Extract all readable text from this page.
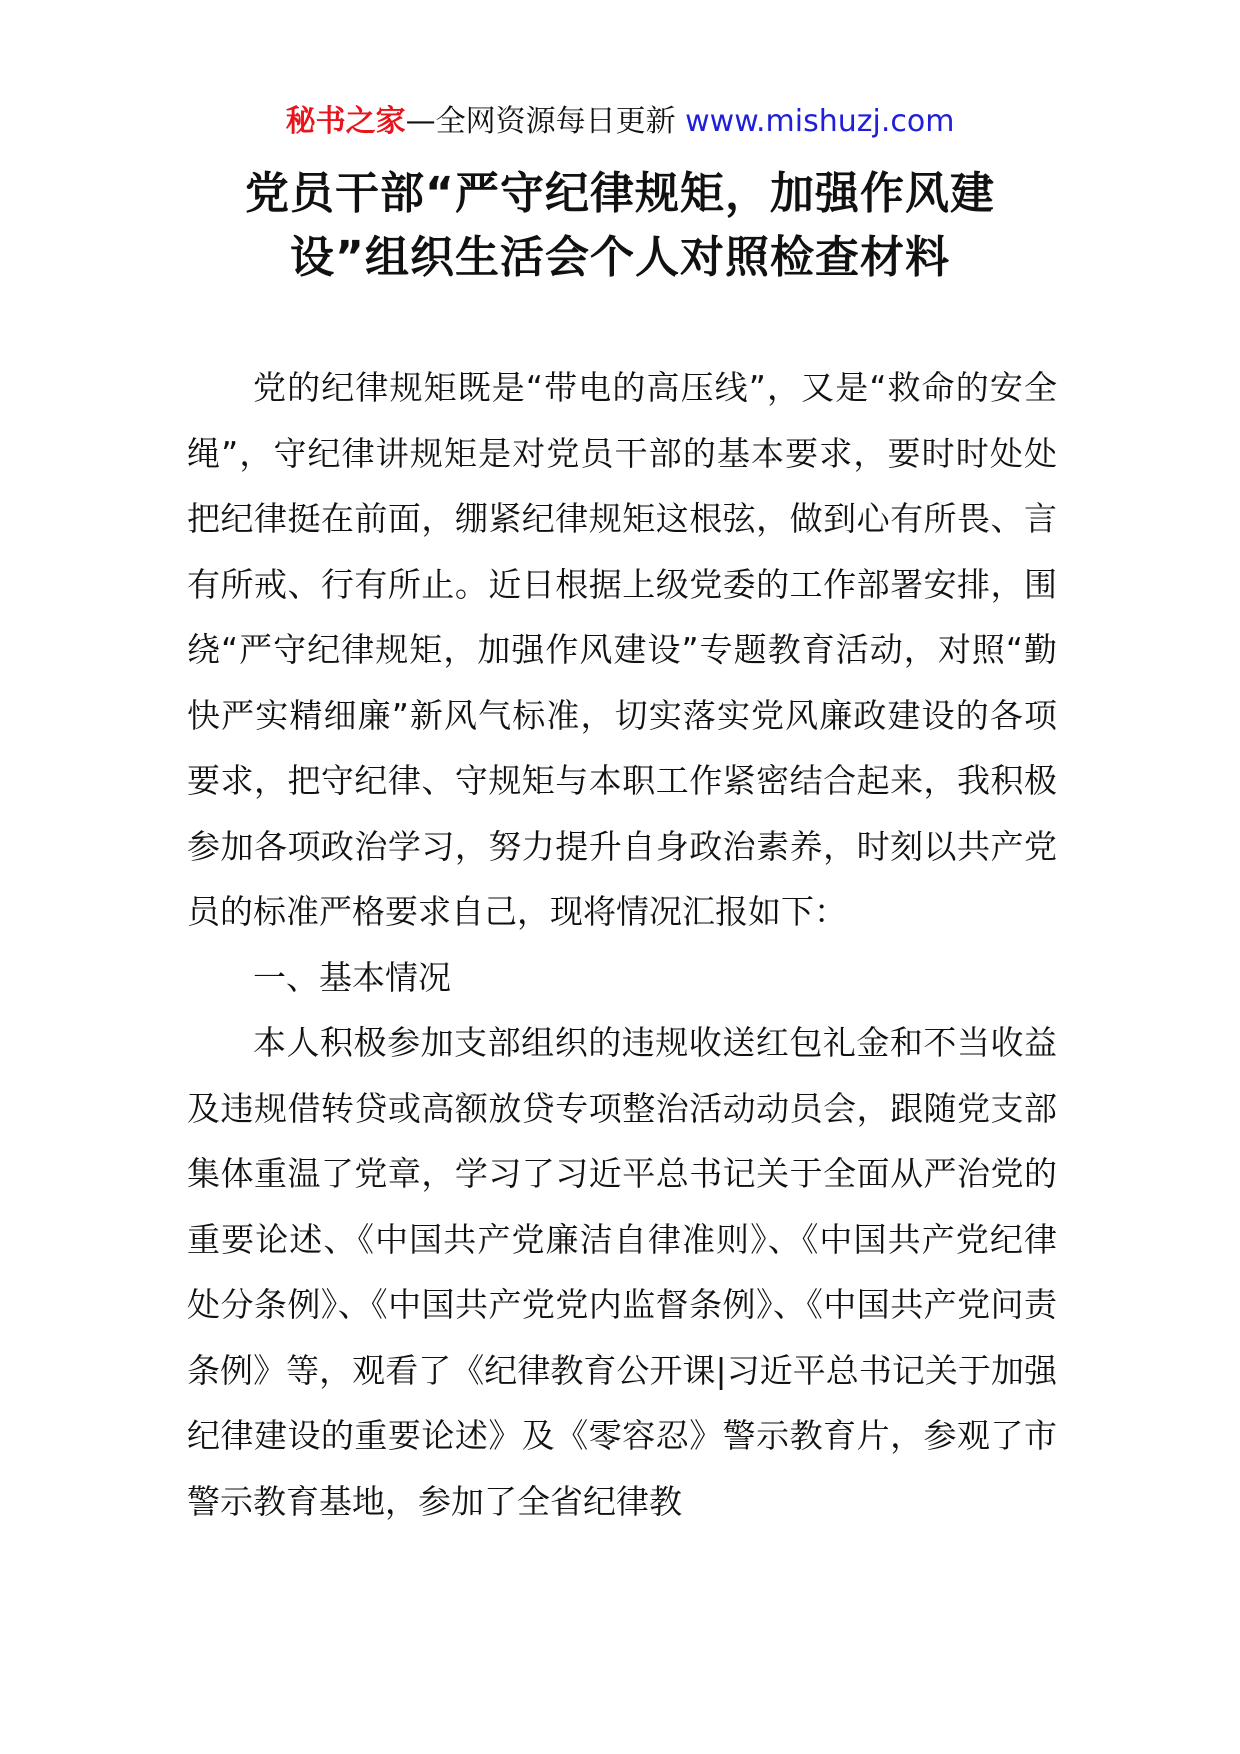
秘书之家—全网资源每日更新 www.mishuzj.com
党员干部“严守纪律规矩，加强作风建
设”组织生活会个人对照检查材料

党的纪律规矩既是“带电的高压线”，又是“救命的安全绳”，守纪律讲规矩是对党员干部的基本要求，要时时处处把纪律挺在前面，绷紧纪律规矩这根弦，做到心有所畏、言有所戒、行有所止。近日根据上级党委的工作部署安排，围绕“严守纪律规矩，加强作风建设”专题教育活动，对照“勤快严实精细廉”新风气标准，切实落实党风廉政建设的各项要求，把守纪律、守规矩与本职工作紧密结合起来，我积极参加各项政治学习，努力提升自身政治素养，时刻以共产党员的标准严格要求自己，现将情况汇报如下：

一、基本情况

本人积极参加支部组织的违规收送红包礼金和不当收益及违规借转贷或高额放贷专项整治活动动员会，跟随党支部集体重温了党章，学习了习近平总书记关于全面从严治党的重要论述、《中国共产党廉洁自律准则》、《中国共产党纪律处分条例》、《中国共产党党内监督条例》、《中国共产党问责条例》等，观看了《纪律教育公开课|习近平总书记关于加强纪律建设的重要论述》及《零容忍》警示教育片，参观了市警示教育基地，参加了全省纪律教
